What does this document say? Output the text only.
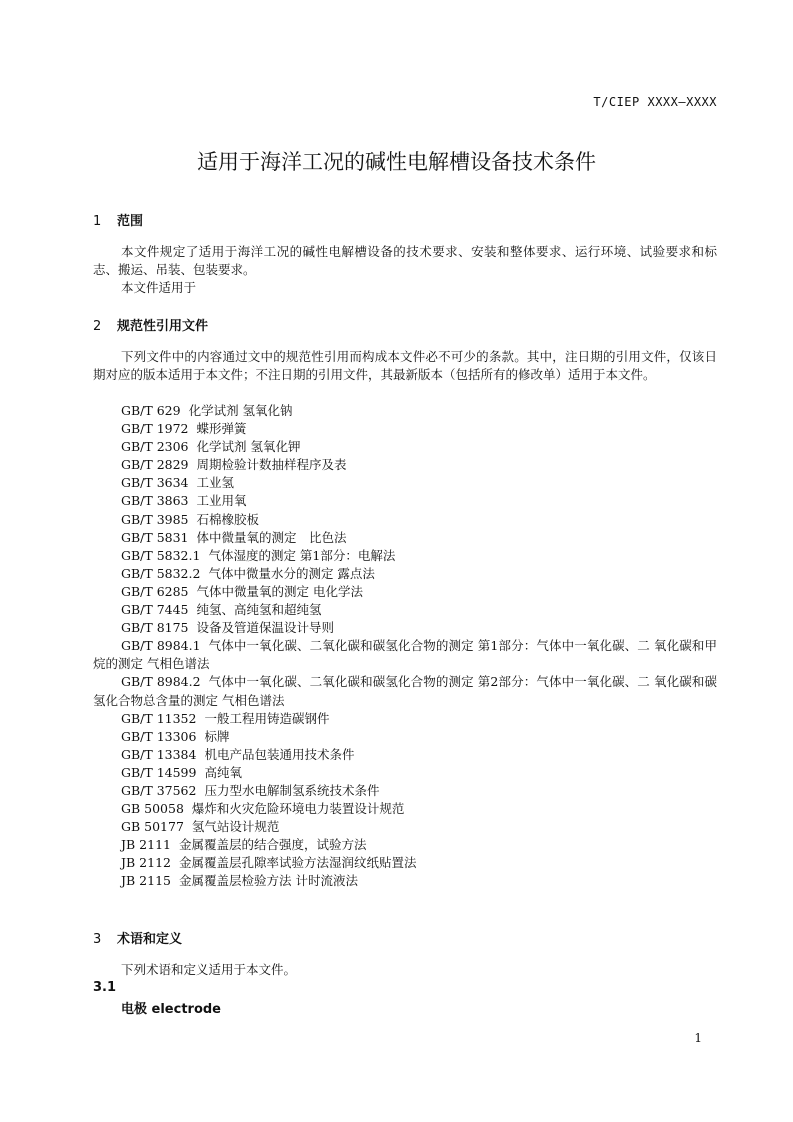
T/CIEP XXXX—XXXX
适用于海洋工况的碱性电解槽设备技术条件
1 范围

本文件规定了适用于海洋工况的碱性电解槽设备的技术要求、安装和整体要求、运行环境、试验要求和标志、搬运、吊装、包装要求。

本文件适用于

2 规范性引用文件

下列文件中的内容通过文中的规范性引用而构成本文件必不可少的条款。其中，注日期的引用文件，仅该日期对应的版本适用于本文件；不注日期的引用文件，其最新版本（包括所有的修改单）适用于本文件。

GB/T 629 化学试剂 氢氧化钠
GB/T 1972 蝶形弹簧
GB/T 2306 化学试剂 氢氧化钾
GB/T 2829 周期检验计数抽样程序及表
GB/T 3634 工业氢
GB/T 3863 工业用氧
GB/T 3985 石棉橡胶板
GB/T 5831 体中微量氧的测定　比色法
GB/T 5832.1 气体湿度的测定 第1部分：电解法
GB/T 5832.2 气体中微量水分的测定 露点法
GB/T 6285 气体中微量氧的测定 电化学法
GB/T 7445 纯氢、高纯氢和超纯氢
GB/T 8175 设备及管道保温设计导则
GB/T 8984.1 气体中一氧化碳、二氧化碳和碳氢化合物的测定 第1部分：气体中一氧化碳、二 氧化碳和甲烷的测定 气相色谱法
GB/T 8984.2 气体中一氧化碳、二氧化碳和碳氢化合物的测定 第2部分：气体中一氧化碳、二 氧化碳和碳氢化合物总含量的测定 气相色谱法
GB/T 11352 一般工程用铸造碳钢件
GB/T 13306 标牌
GB/T 13384 机电产品包装通用技术条件
GB/T 14599 高纯氧
GB/T 37562 压力型水电解制氢系统技术条件
GB 50058 爆炸和火灾危险环境电力装置设计规范
GB 50177 氢气站设计规范
JB 2111 金属覆盖层的结合强度，试验方法
JB 2112 金属覆盖层孔隙率试验方法湿润纹纸贴置法
JB 2115 金属覆盖层检验方法 计时流液法
3 术语和定义

下列术语和定义适用于本文件。

3.1
电极 electrode
1
